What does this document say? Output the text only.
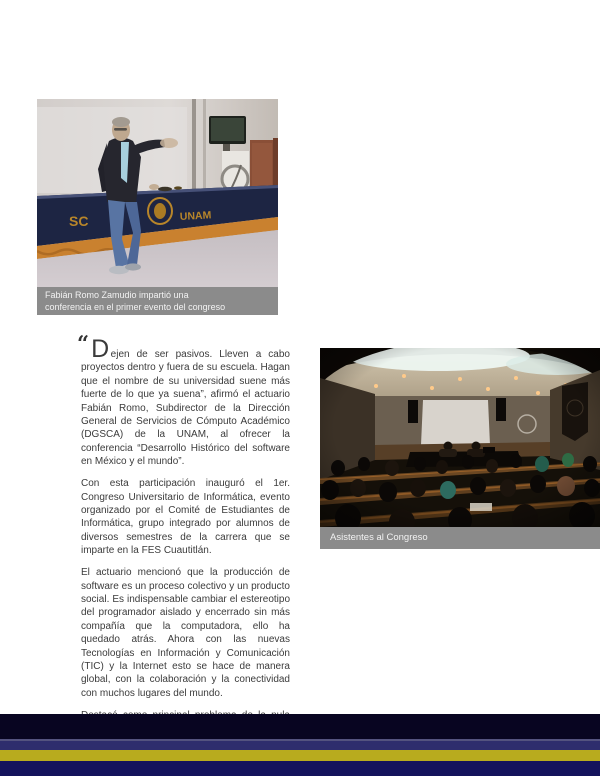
SC	UNAM
Fabián Romo Zamudio impartió una
conferencia en el primer evento del congreso

“D ejen de ser pasivos. Lleven a cabo proyectos dentro y fuera de su escuela. Hagan que el nombre de su universidad suene más fuerte de lo que ya suena”, afirmó el actuario Fabián Romo, Subdirector de la Dirección General de Servicios de Cómputo Académico (DGSCA) de la UNAM, al ofrecer la conferencia “Desarrollo Histórico del software en México y el mundo”.

Con esta participación inauguró el 1er. Congreso Universitario de Informática, evento organizado por el Comité de Estudiantes de Informática, grupo integrado por alumnos de diversos semestres de la carrera que se imparte en la FES Cuautitlán.

El actuario mencionó que la producción de software es un proceso colectivo y un producto social. Es indispensable cambiar el estereotipo del programador aislado y encerrado sin más compañía que la computadora, ello ha quedado atrás. Ahora con las nuevas Tecnologías en Información y Comunicación (TIC) y la Internet esto se hace de manera global, con la colaboración y la conectividad con muchos lugares del mundo.

Asistentes al Congreso
